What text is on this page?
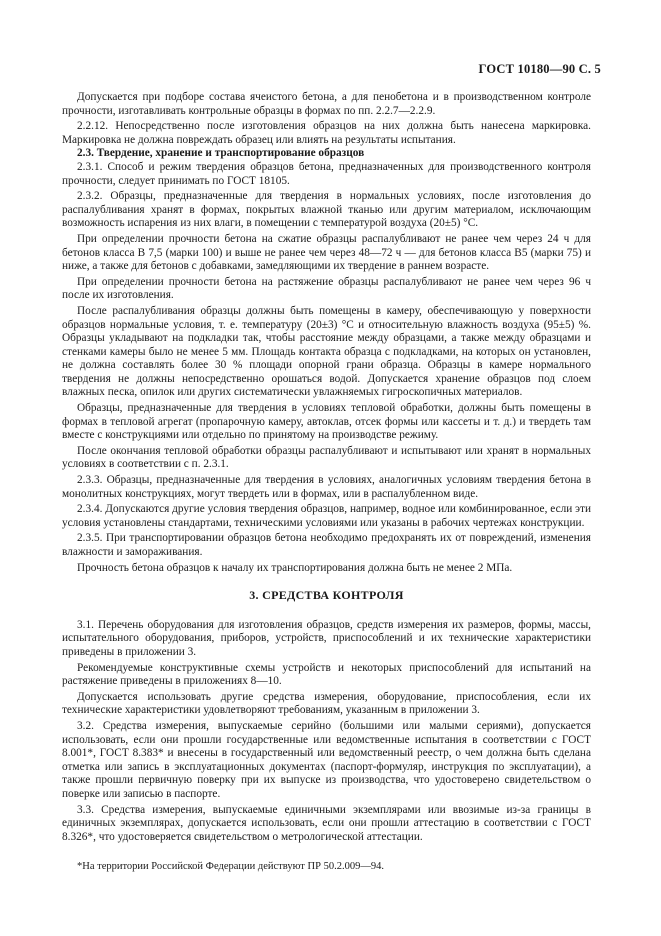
ГОСТ 10180—90 С. 5

Допускается при подборе состава ячеистого бетона, а для пенобетона и в производственном контроле прочности, изготавливать контрольные образцы в формах по пп. 2.2.7—2.2.9.

2.2.12. Непосредственно после изготовления образцов на них должна быть нанесена маркировка. Маркировка не должна повреждать образец или влиять на результаты испытания.

2.3. Твердение, хранение и транспортирование образцов

2.3.1. Способ и режим твердения образцов бетона, предназначенных для производственного контроля прочности, следует принимать по ГОСТ 18105.

2.3.2. Образцы, предназначенные для твердения в нормальных условиях, после изготовления до распалубливания хранят в формах, покрытых влажной тканью или другим материалом, исключающим возможность испарения из них влаги, в помещении с температурой воздуха (20±5) °С.

При определении прочности бетона на сжатие образцы распалубливают не ранее чем через 24 ч для бетонов класса В 7,5 (марки 100) и выше не ранее чем через 48—72 ч — для бетонов класса В5 (марки 75) и ниже, а также для бетонов с добавками, замедляющими их твердение в раннем возрасте.

При определении прочности бетона на растяжение образцы распалубливают не ранее чем через 96 ч после их изготовления.

После распалубливания образцы должны быть помещены в камеру, обеспечивающую у поверхности образцов нормальные условия, т. е. температуру (20±3) °С и относительную влажность воздуха (95±5) %. Образцы укладывают на подкладки так, чтобы расстояние между образцами, а также между образцами и стенками камеры было не менее 5 мм. Площадь контакта образца с подкладками, на которых он установлен, не должна составлять более 30 % площади опорной грани образца. Образцы в камере нормального твердения не должны непосредственно орошаться водой. Допускается хранение образцов под слоем влажных песка, опилок или других систематически увлажняемых гигроскопичных материалов.

Образцы, предназначенные для твердения в условиях тепловой обработки, должны быть помещены в формах в тепловой агрегат (пропарочную камеру, автоклав, отсек формы или кассеты и т. д.) и твердеть там вместе с конструкциями или отдельно по принятому на производстве режиму.

После окончания тепловой обработки образцы распалубливают и испытывают или хранят в нормальных условиях в соответствии с п. 2.3.1.

2.3.3. Образцы, предназначенные для твердения в условиях, аналогичных условиям твердения бетона в монолитных конструкциях, могут твердеть или в формах, или в распалубленном виде.

2.3.4. Допускаются другие условия твердения образцов, например, водное или комбинированное, если эти условия установлены стандартами, техническими условиями или указаны в рабочих чертежах конструкции.

2.3.5. При транспортировании образцов бетона необходимо предохранять их от повреждений, изменения влажности и замораживания.

Прочность бетона образцов к началу их транспортирования должна быть не менее 2 МПа.

3. СРЕДСТВА КОНТРОЛЯ

3.1. Перечень оборудования для изготовления образцов, средств измерения их размеров, формы, массы, испытательного оборудования, приборов, устройств, приспособлений и их технические характеристики приведены в приложении 3.

Рекомендуемые конструктивные схемы устройств и некоторых приспособлений для испытаний на растяжение приведены в приложениях 8—10.

Допускается использовать другие средства измерения, оборудование, приспособления, если их технические характеристики удовлетворяют требованиям, указанным в приложении 3.

3.2. Средства измерения, выпускаемые серийно (большими или малыми сериями), допускается использовать, если они прошли государственные или ведомственные испытания в соответствии с ГОСТ 8.001*, ГОСТ 8.383* и внесены в государственный или ведомственный реестр, о чем должна быть сделана отметка или запись в эксплуатационных документах (паспорт-формуляр, инструкция по эксплуатации), а также прошли первичную поверку при их выпуске из производства, что удостоверено свидетельством о поверке или записью в паспорте.

3.3. Средства измерения, выпускаемые единичными экземплярами или ввозимые из-за границы в единичных экземплярах, допускается использовать, если они прошли аттестацию в соответствии с ГОСТ 8.326*, что удостоверяется свидетельством о метрологической аттестации.

*На территории Российской Федерации действуют ПР 50.2.009—94.
